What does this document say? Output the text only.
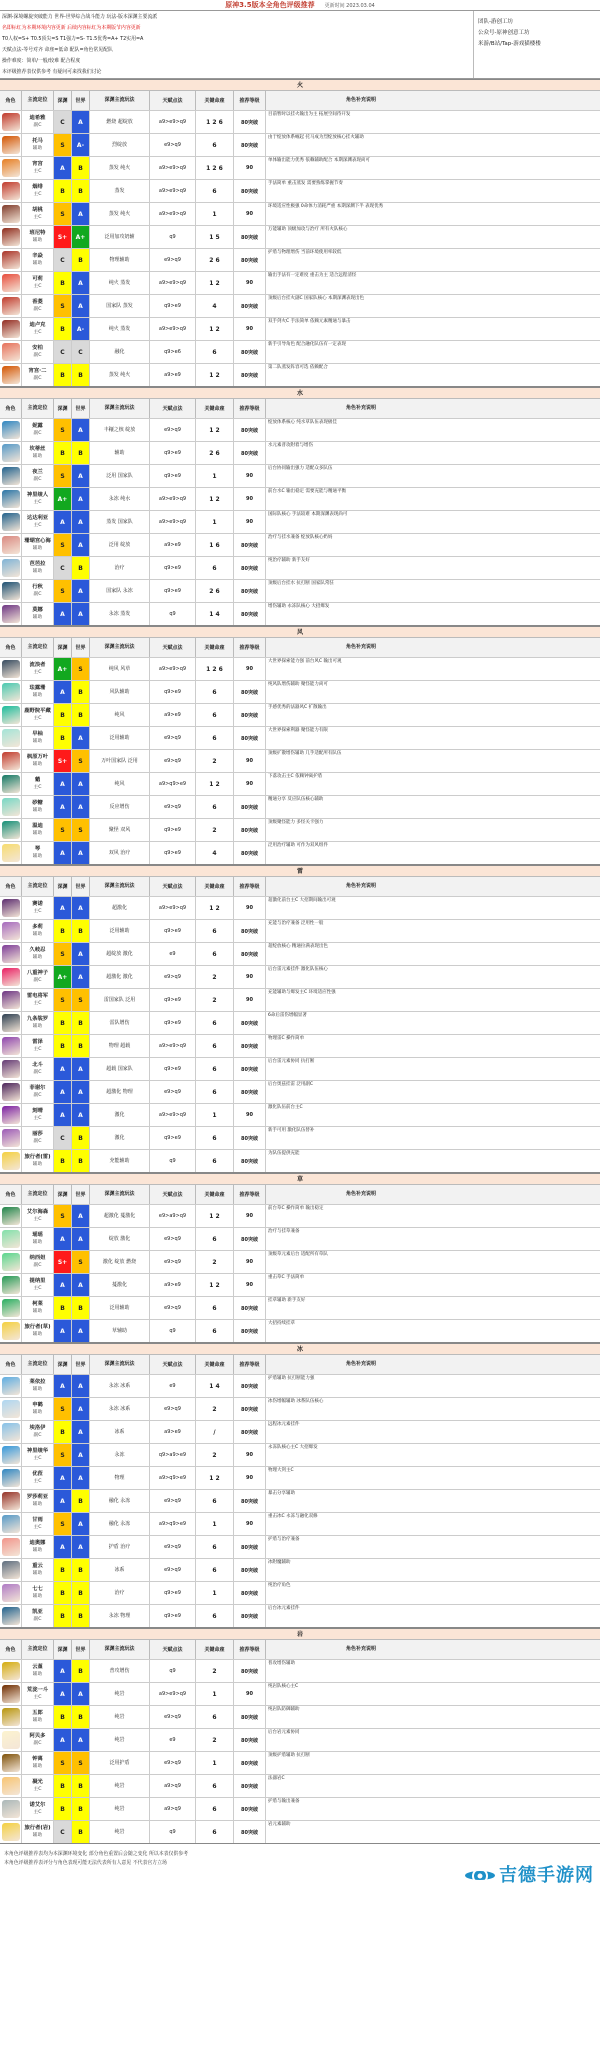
原神3.5版本全角色评级推荐 更新时间 2023.03.04
深渊-深境螺旋突破能力 世界-世界综合战斗能力 玩法-版本深渊主要流派
名即标红为本期环境内容更新 后续内容标红为本期版节内容更新
T0人权=S+ T0.5顶尖=S T1强力=S- T1.5优秀=A+ T2实用=A
天赋点法-等号对齐 命座=低命 配队=角色常见配队
操作难度：简单/一般/较难 配合程度
本评级推荐表仅供参考 有疑问可来找我们讨论
团队-游创工坊
公众号-原神创意工坊
米游/B站/Tap-游戏猫楼楼
火
角色	主流定位	深渊	世界	深渊主流玩法	天赋点法	关键命座	推荐等级	角色补充说明
迪希雅
副C	C	A	燃烧 超绽放	a9>e9>q9	1 2 6	80突破
目前暂时以挂火输出为主 拓展空间待开发
托马
辅助	S	A-	烈绽放	e9>q9	6	80突破
由于绽放体系崛起 托马成为烈绽放核心挂火辅助
宵宫
主C	A	B	蒸发 纯火	a9>e9>q9	1 2 6	90
单体输出能力优秀 依赖辅助配合 本期深渊表现尚可
烟绯
主C	B	B	蒸发	a9>e9>q9	6	80突破
手法简单 重击蒸发 需要熟练掌握节奏
胡桃
主C	S	A	蒸发 纯火	a9>e9>q9	1	90
环境适应性极强 0命体力消耗严重 本期深渊下半 表现优秀
班尼特
辅助	S+	A+	泛用加攻奶辅	q9	1 5	80突破
万能辅助 顶级加攻与治疗 所有火队核心
辛焱
辅助	C	B	物理辅助	e9>q9	2 6	80突破
护盾与物理增伤 当前环境使用率较低
可莉
主C	B	A	纯火 蒸发	a9>e9>q9	1 2	90
输出手法有一定难度 重击为主 适合远程清怪
香菱
副C	S	A	国家队 蒸发	q9>e9	4	80突破
顶级后台挂火副C 国家队核心 本期深渊表现出色
迪卢克
主C	B	A-	纯火 蒸发	a9>e9>q9	1 2	90
双手剑火C 手法简单 依赖元素精通与暴击
安柏
副C	C	C	融化	q9>e6	6	80突破
新手引导角色 配合融化队伍有一定表现
宵宫·二
副C	B	B	蒸发 纯火	a9>e9	1 2	80突破
第二队蒸发阵容可选 依赖配合
水
角色	主流定位	深渊	世界	深渊主流玩法	天赋点法	关键命座	推荐等级	角色补充说明
妮露
副C	S	A	丰穰之核 绽放	e9>q9	1 2	80突破
绽放体系核心 纯水草队伍表现极佳
坎蒂丝
辅助	B	B	辅助	q9>e9	2 6	80突破
水元素普攻附着与增伤
夜兰
副C	S	A	泛用 国家队	q9>e9	1	90
后台协同输出强力 适配众多队伍
神里绫人
主C	A+	A	永冻 纯水	a9>e9>q9	1 2	90
前台水C 输出稳定 需要充能与精通平衡
达达利亚
主C	A	A	蒸发 国家队	a9>e9>q9	1	90
国际队核心 手法较难 本期深渊表现尚可
珊瑚宫心海
辅助	S	A	泛用 绽放	a9>e9	1 6	80突破
治疗与挂水兼备 绽放队核心奶妈
芭芭拉
辅助	C	B	治疗	q9>e9	6	80突破
纯治疗辅助 新手友好
行秋
副C	S	A	国家队 永冻	q9>e9	2 6	80突破
顶级后台挂水 抗打断 国家队常驻
莫娜
辅助	A	A	永冻 蒸发	q9	1 4	80突破
增伤辅助 永冻队核心 大招爆发
风
角色	主流定位	深渊	世界	深渊主流玩法	天赋点法	关键命座	推荐等级	角色补充说明
流浪者
主C	A+	S	纯风 风草	a9>e9>q9	1 2 6	90
大世界探索能力强 前台风C 输出可观
珐露珊
辅助	A	B	风队辅助	q9>e9	6	80突破
纯风队增伤辅助 聚怪能力尚可
鹿野院平藏
主C	B	B	纯风	a9>e9	6	80突破
手感优秀的法器风C 扩散输出
早柚
辅助	B	A	泛用辅助	e9>q9	6	80突破
大世界探索利器 聚怪能力有限
枫原万叶
辅助	S+	S	万叶国家队 泛用	e9>q9	2	90
顶级扩散增伤辅助 几乎适配所有队伍
魈
主C	A	A	纯风	a9>q9>e9	1 2	90
下落攻击主C 依赖钟离护盾
砂糖
辅助	A	A	反应增伤	e9>q9	6	80突破
精通分享 反应队伍核心辅助
温迪
辅助	S	S	聚怪 双风	q9>e9	2	80突破
顶级聚怪能力 多怪关卡强力
琴
辅助	A	A	双风 治疗	q9>e9	4	80突破
泛用治疗辅助 可作为双风组件
雷
角色	主流定位	深渊	世界	深渊主流玩法	天赋点法	关键命座	推荐等级	角色补充说明
赛诺
主C	A	A	超激化	a9>e9>q9	1 2	90
超激化前台主C 大招期间输出可观
多莉
辅助	B	B	泛用辅助	q9>e9	6	80突破
充能与治疗兼备 泛用性一般
久岐忍
辅助	S	A	超绽放 激化	e9	6	80突破
超绽放核心 精通拉满表现出色
八重神子
副C	A+	A	超激化 激化	e9>q9	2	90
后台雷元素挂件 激化队伍核心
雷电将军
主C	S	S	雷国家队 泛用	q9>e9	2	90
充能辅助与爆发主C 环境适应性强
九条裟罗
辅助	B	B	雷队增伤	q9>e9	6	80突破
6命后雷伤增幅显著
雷泽
主C	B	B	物理 超载	a9>e9>q9	6	80突破
物理雷C 操作简单
北斗
副C	A	A	超载 国家队	q9>e9	6	80突破
后台雷元素协同 抗打断
菲谢尔
副C	A	A	超激化 物理	e9>q9	6	80突破
后台奥兹挂雷 泛用副C
刻晴
主C	A	A	激化	a9>e9>q9	1	90
激化队伍前台主C
丽莎
副C	C	B	激化	q9>e9	6	80突破
新手可用 激化队伍替补
旅行者(雷)
辅助	B	B	充能辅助	q9	6	80突破
为队伍提供充能
草
角色	主流定位	深渊	世界	深渊主流玩法	天赋点法	关键命座	推荐等级	角色补充说明
艾尔海森
主C	S	A	超激化 蔓激化	e9>a9>q9	1 2	90
前台草C 操作简单 输出稳定
瑶瑶
辅助	A	A	绽放 激化	e9>q9	6	80突破
治疗与挂草兼备
纳西妲
副C	S+	S	激化 绽放 燃烧	e9>q9	2	90
顶级草元素后台 适配所有草队
提纳里
主C	A	A	蔓激化	a9>e9	1 2	90
重击草C 手法简单
柯莱
辅助	B	B	泛用辅助	e9>q9	6	80突破
挂草辅助 新手友好
旅行者(草)
辅助	A	A	草辅助	q9	6	80突破
大招持续挂草
冰
角色	主流定位	深渊	世界	深渊主流玩法	天赋点法	关键命座	推荐等级	角色补充说明
莱依拉
辅助	A	A	永冻 冰系	e9	1 4	80突破
护盾辅助 抗打断能力强
申鹤
辅助	S	A	永冻 冰系	e9>q9	2	80突破
冰伤增幅辅助 冰系队伍核心
埃洛伊
副C	B	A	冰系	a9>e9	/	80突破
远程冰元素挂件
神里绫华
主C	S	A	永冻	q9>a9>e9	2	90
永冻队核心主C 大招爆发
优菈
主C	A	A	物理	a9>q9>e9	1 2	90
物理大剑主C
罗莎莉亚
辅助	A	B	融化 永冻	e9>q9	6	80突破
暴击分享辅助
甘雨
主C	S	A	融化 永冻	a9>q9>e9	1	90
重击冰C 永冻与融化双修
迪奥娜
辅助	A	A	护盾 治疗	e9>q9	6	80突破
护盾与治疗兼备
重云
辅助	B	B	冰系	e9>q9	6	80突破
冰附魔辅助
七七
辅助	B	B	治疗	q9>e9	1	80突破
纯治疗角色
凯亚
副C	B	B	永冻 物理	q9>e9	6	80突破
后台冰元素挂件
岩
角色	主流定位	深渊	世界	深渊主流玩法	天赋点法	关键命座	推荐等级	角色补充说明
云堇
辅助	A	B	普攻增伤	q9	2	80突破
普攻增伤辅助
荒泷一斗
主C	A	A	纯岩	a9>e9>q9	1	90
纯岩队核心主C
五郎
辅助	B	B	纯岩	e9>q9	6	80突破
纯岩队防御辅助
阿贝多
副C	A	A	纯岩	e9	2	80突破
后台岩元素协同
钟离
辅助	S	S	泛用护盾	e9>q9	1	80突破
顶级护盾辅助 抗打断
凝光
主C	B	B	纯岩	a9>q9	6	80突破
法器岩C
诺艾尔
主C	B	B	纯岩	a9>q9	6	80突破
护盾与输出兼备
旅行者(岩)
辅助	C	B	纯岩	q9	6	80突破
岩元素辅助
本角色评级推荐表均为本深渊环境变化 部分角色重置后会随之变化 所以本表仅供参考
本角色评级推荐表评分与角色表现可能无法代表所有人意见 不代表官方立场
吉德手游网
